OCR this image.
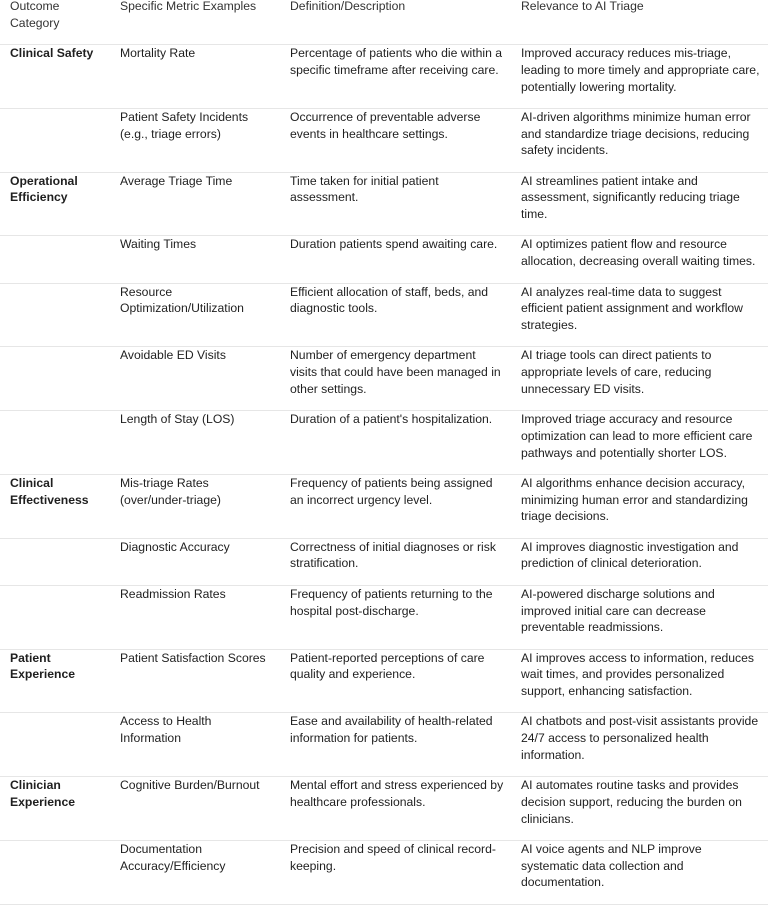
Outcome Category	Specific Metric Examples	Definition/Description	Relevance to AI Triage
Clinical Safety	Mortality Rate	Percentage of patients who die within a specific timeframe after receiving care.	Improved accuracy reduces mis-triage, leading to more timely and appropriate care, potentially lowering mortality.
	Patient Safety Incidents (e.g., triage errors)	Occurrence of preventable adverse events in healthcare settings.	AI-driven algorithms minimize human error and standardize triage decisions, reducing safety incidents.
Operational Efficiency	Average Triage Time	Time taken for initial patient assessment.	AI streamlines patient intake and assessment, significantly reducing triage time.
	Waiting Times	Duration patients spend awaiting care.	AI optimizes patient flow and resource allocation, decreasing overall waiting times.
	Resource Optimization/Utilization	Efficient allocation of staff, beds, and diagnostic tools.	AI analyzes real-time data to suggest efficient patient assignment and workflow strategies.
	Avoidable ED Visits	Number of emergency department visits that could have been managed in other settings.	AI triage tools can direct patients to appropriate levels of care, reducing unnecessary ED visits.
	Length of Stay (LOS)	Duration of a patient's hospitalization.	Improved triage accuracy and resource optimization can lead to more efficient care pathways and potentially shorter LOS.
Clinical Effectiveness	Mis-triage Rates (over/under-triage)	Frequency of patients being assigned an incorrect urgency level.	AI algorithms enhance decision accuracy, minimizing human error and standardizing triage decisions.
	Diagnostic Accuracy	Correctness of initial diagnoses or risk stratification.	AI improves diagnostic investigation and prediction of clinical deterioration.
	Readmission Rates	Frequency of patients returning to the hospital post-discharge.	AI-powered discharge solutions and improved initial care can decrease preventable readmissions.
Patient Experience	Patient Satisfaction Scores	Patient-reported perceptions of care quality and experience.	AI improves access to information, reduces wait times, and provides personalized support, enhancing satisfaction.
	Access to Health Information	Ease and availability of health-related information for patients.	AI chatbots and post-visit assistants provide 24/7 access to personalized health information.
Clinician Experience	Cognitive Burden/Burnout	Mental effort and stress experienced by healthcare professionals.	AI automates routine tasks and provides decision support, reducing the burden on clinicians.
	Documentation Accuracy/Efficiency	Precision and speed of clinical record-keeping.	AI voice agents and NLP improve systematic data collection and documentation.
